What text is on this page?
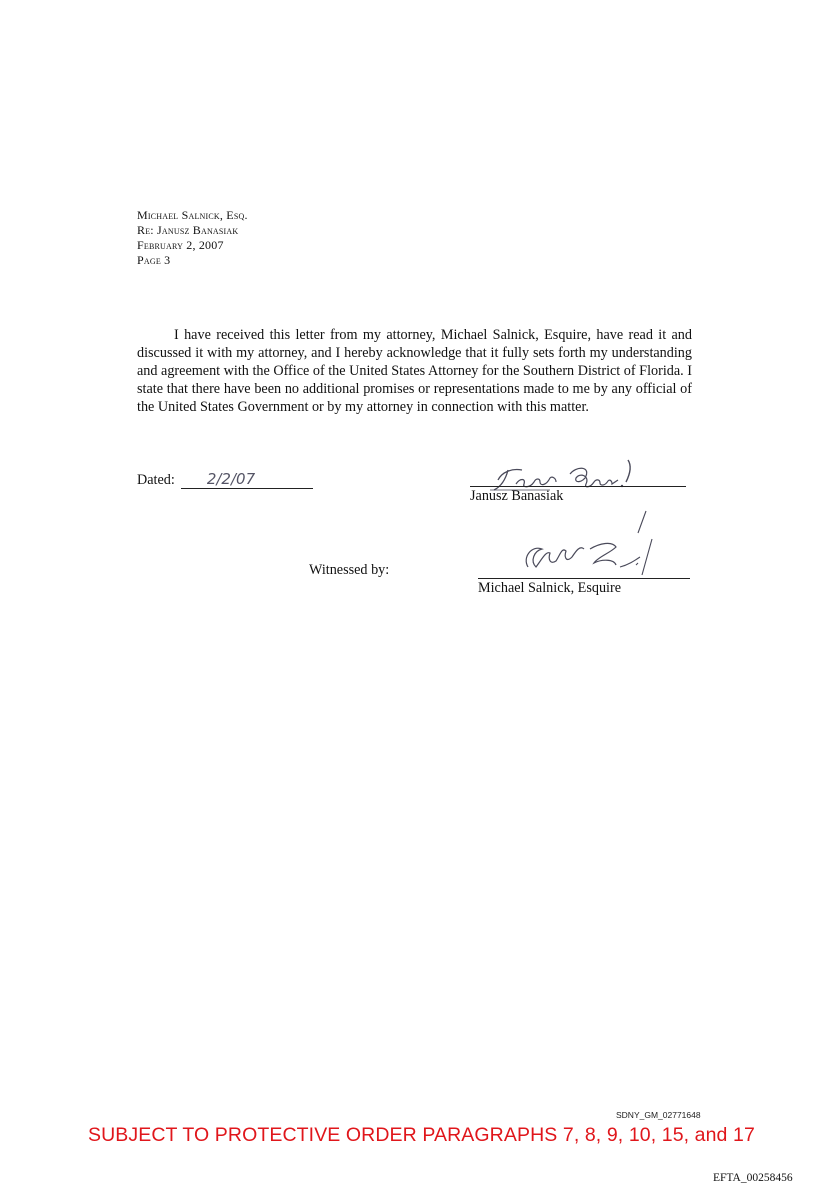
Michael Salnick, Esq.
Re: Janusz Banasiak
February 2, 2007
Page 3
I have received this letter from my attorney, Michael Salnick, Esquire, have read it and discussed it with my attorney, and I hereby acknowledge that it fully sets forth my understanding and agreement with the Office of the United States Attorney for the Southern District of Florida. I state that there have been no additional promises or representations made to me by any official of the United States Government or by my attorney in connection with this matter.
Dated: 2/2/07
Janusz Banasiak
Witnessed by:
Michael Salnick, Esquire
SDNY_GM_02771648
SUBJECT TO PROTECTIVE ORDER PARAGRAPHS 7, 8, 9, 10, 15, and 17
EFTA_00258456
